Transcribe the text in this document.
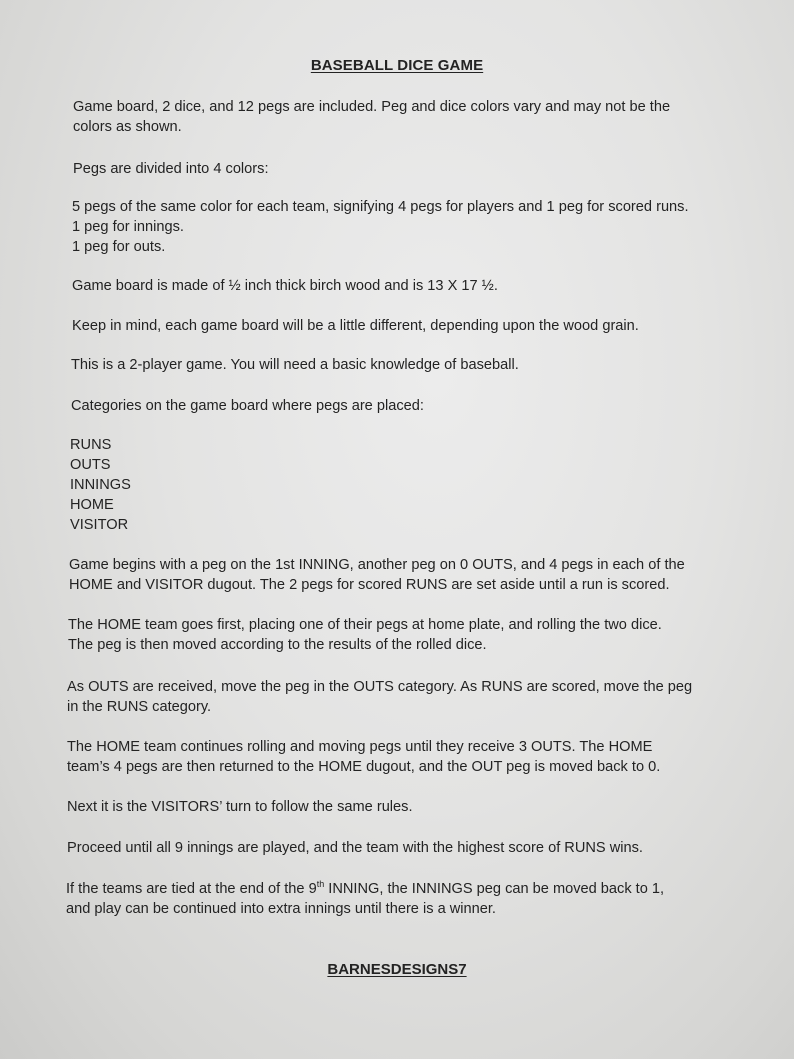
BASEBALL DICE GAME

Game board, 2 dice, and 12 pegs are included. Peg and dice colors vary and may not be the
colors as shown.

Pegs are divided into 4 colors:

5 pegs of the same color for each team, signifying 4 pegs for players and 1 peg for scored runs.
1 peg for innings.
1 peg for outs.

Game board is made of ½ inch thick birch wood and is 13 X 17 ½.

Keep in mind, each game board will be a little different, depending upon the wood grain.

This is a 2-player game. You will need a basic knowledge of baseball.

Categories on the game board where pegs are placed:

RUNS
OUTS
INNINGS
HOME
VISITOR

Game begins with a peg on the 1st INNING, another peg on 0 OUTS, and 4 pegs in each of the
HOME and VISITOR dugout. The 2 pegs for scored RUNS are set aside until a run is scored.

The HOME team goes first, placing one of their pegs at home plate, and rolling the two dice.
The peg is then moved according to the results of the rolled dice.

As OUTS are received, move the peg in the OUTS category. As RUNS are scored, move the peg
in the RUNS category.

The HOME team continues rolling and moving pegs until they receive 3 OUTS. The HOME
team’s 4 pegs are then returned to the HOME dugout, and the OUT peg is moved back to 0.

Next it is the VISITORS’ turn to follow the same rules.

Proceed until all 9 innings are played, and the team with the highest score of RUNS wins.

If the teams are tied at the end of the 9th INNING, the INNINGS peg can be moved back to 1,
and play can be continued into extra innings until there is a winner.

BARNESDESIGNS7
